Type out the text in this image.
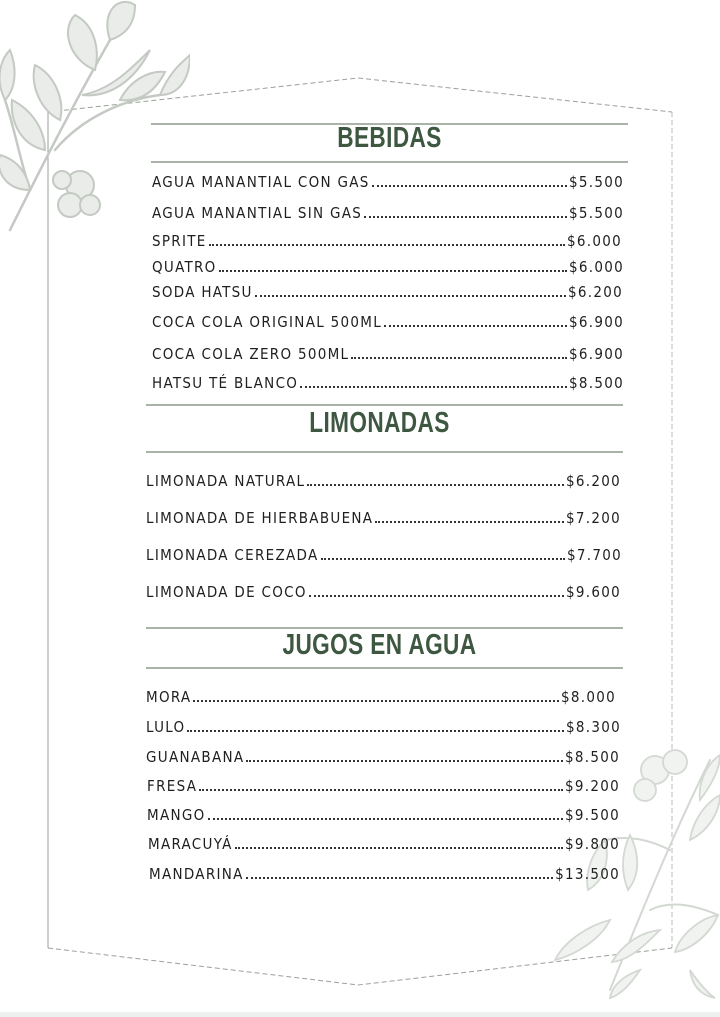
BEBIDAS
AGUA MANANTIAL CON GAS	$5.500
AGUA MANANTIAL SIN GAS	$5.500
SPRITE	$6.000
QUATRO	$6.000
SODA HATSU	$6.200
COCA COLA ORIGINAL 500ML	$6.900
COCA COLA ZERO 500ML	$6.900
HATSU TÉ BLANCO	$8.500
LIMONADAS
LIMONADA NATURAL	$6.200
LIMONADA DE HIERBABUENA	$7.200
LIMONADA CEREZADA	$7.700
LIMONADA DE COCO	$9.600
JUGOS EN AGUA
MORA	$8.000
LULO	$8.300
GUANABANA	$8.500
FRESA	$9.200
MANGO	$9.500
MARACUYÁ	$9.800
MANDARINA	$13.500
